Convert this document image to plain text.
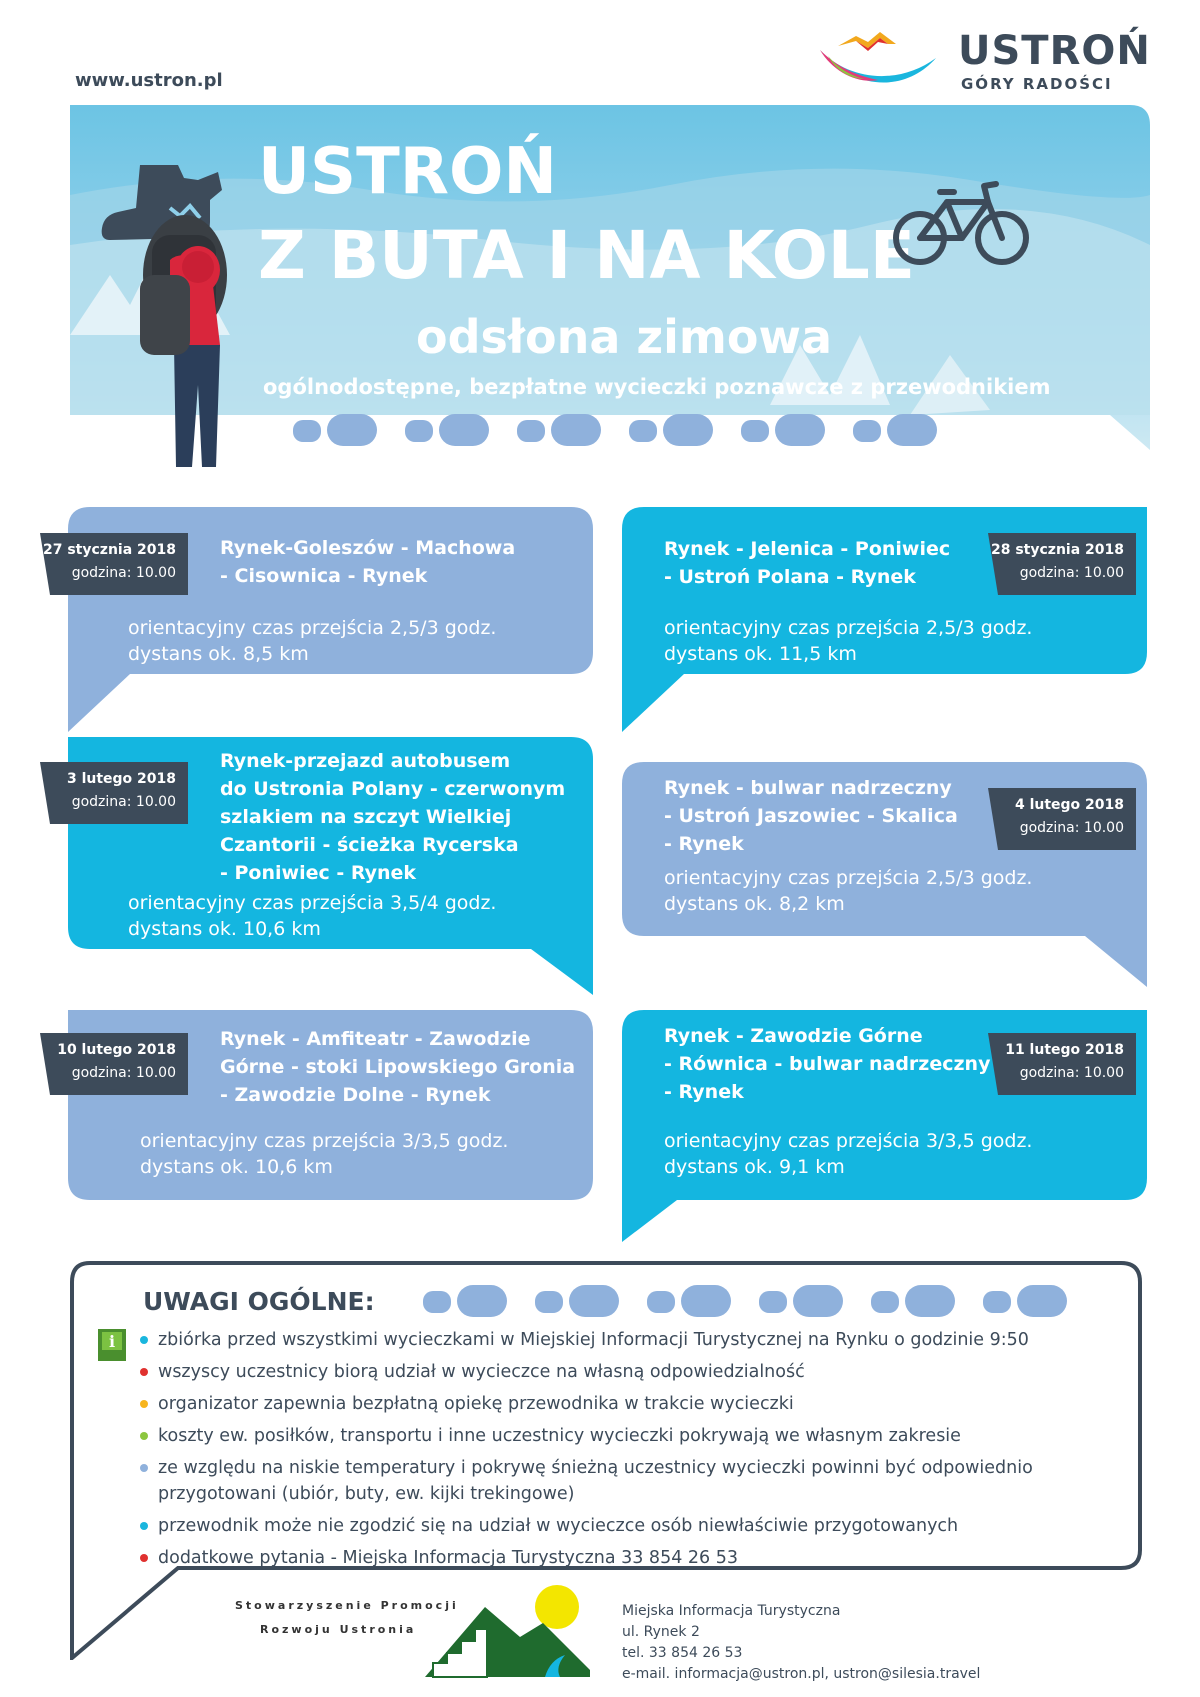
www.ustron.pl
USTROŃ
GÓRY RADOŚCI
USTROŃ
Z BUTA I NA KOLE
odsłona zimowa
ogólnodostępne, bezpłatne wycieczki poznawcze z przewodnikiem
Rynek-Goleszów - Machowa
- Cisownica - Rynek
orientacyjny czas przejścia 2,5/3 godz.
dystans ok. 8,5 km
27 stycznia 2018
godzina: 10.00
Rynek - Jelenica - Poniwiec
- Ustroń Polana - Rynek
orientacyjny czas przejścia 2,5/3 godz.
dystans ok. 11,5 km
28 stycznia 2018
godzina: 10.00
Rynek-przejazd autobusem
do Ustronia Polany - czerwonym
szlakiem na szczyt Wielkiej
Czantorii - ścieżka Rycerska
- Poniwiec - Rynek
orientacyjny czas przejścia 3,5/4 godz.
dystans ok. 10,6 km
3 lutego 2018
godzina: 10.00
Rynek - bulwar nadrzeczny
- Ustroń Jaszowiec - Skalica
- Rynek
orientacyjny czas przejścia 2,5/3 godz.
dystans ok. 8,2 km
4 lutego 2018
godzina: 10.00
Rynek - Amfiteatr - Zawodzie
Górne - stoki Lipowskiego Gronia
- Zawodzie Dolne - Rynek
orientacyjny czas przejścia 3/3,5 godz.
dystans ok. 10,6 km
10 lutego 2018
godzina: 10.00
Rynek - Zawodzie Górne
- Równica - bulwar nadrzeczny
- Rynek
orientacyjny czas przejścia 3/3,5 godz.
dystans ok. 9,1 km
11 lutego 2018
godzina: 10.00
UWAGI OGÓLNE:
i	zbiórka przed wszystkimi wycieczkami w Miejskiej Informacji Turystycznej na Rynku o godzinie 9:50
wszyscy uczestnicy biorą udział w wycieczce na własną odpowiedzialność
organizator zapewnia bezpłatną opiekę przewodnika w trakcie wycieczki
koszty ew. posiłków, transportu i inne uczestnicy wycieczki pokrywają we własnym zakresie
ze względu na niskie temperatury i pokrywę śnieżną uczestnicy wycieczki powinni być odpowiednio przygotowani (ubiór, buty, ew. kijki trekingowe)
przewodnik może nie zgodzić się na udział w wycieczce osób niewłaściwie przygotowanych
dodatkowe pytania - Miejska Informacja Turystyczna 33 854 26 53
Stowarzyszenie Promocji
Rozwoju Ustronia
Miejska Informacja Turystyczna
ul. Rynek 2
tel. 33 854 26 53
e-mail. informacja@ustron.pl, ustron@silesia.travel
